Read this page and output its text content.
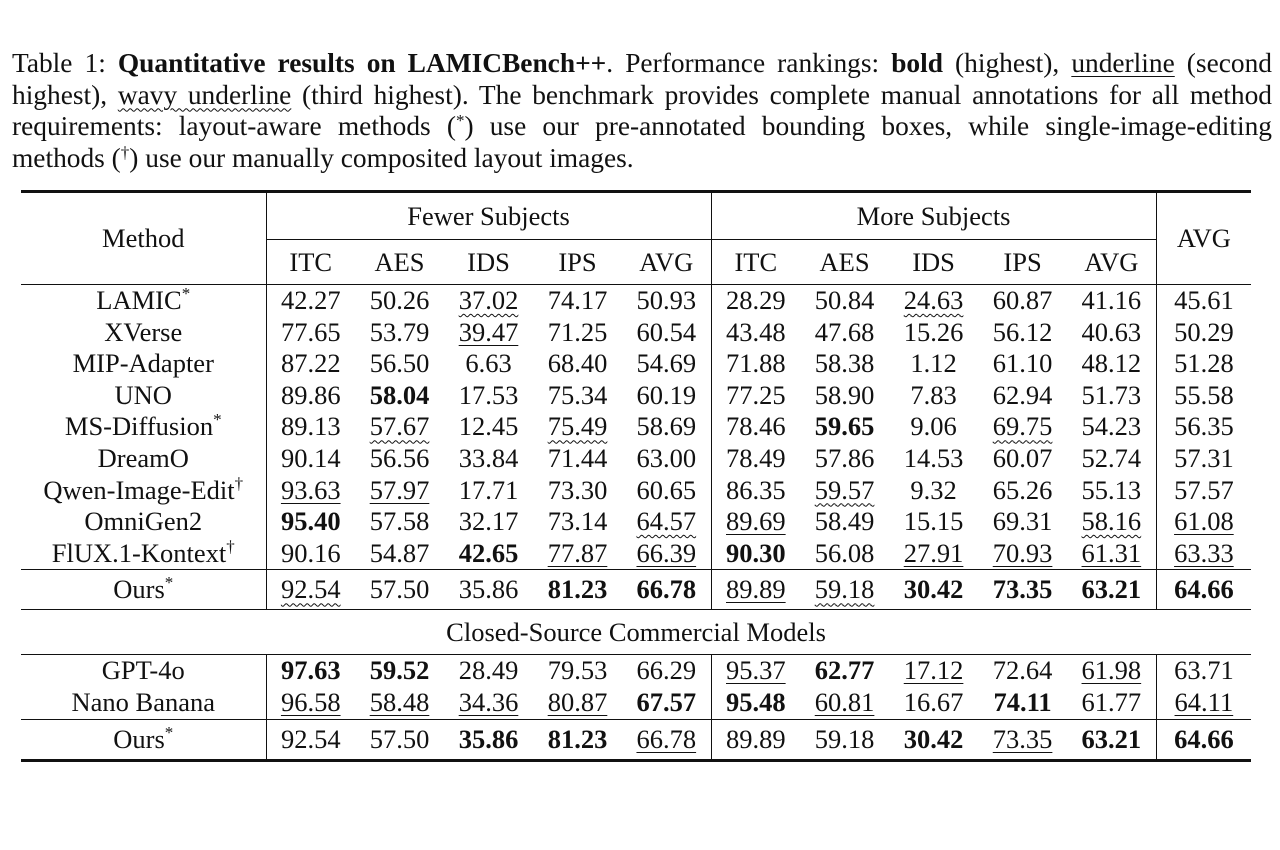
Table 1: Quantitative results on LAMICBench++. Performance rankings: bold (highest), underline (second highest), wavy underline (third highest). The benchmark provides complete manual annotations for all method requirements: layout-aware methods (*) use our pre-annotated bounding boxes, while single-image-editing methods (†) use our manually composited layout images.
Method	Fewer Subjects					More Subjects					AVG
	ITC	AES	IDS	IPS	AVG	ITC	AES	IDS	IPS	AVG	
LAMIC*	42.27	50.26	37.02	74.17	50.93	28.29	50.84	24.63	60.87	41.16	45.61
XVerse	77.65	53.79	39.47	71.25	60.54	43.48	47.68	15.26	56.12	40.63	50.29
MIP-Adapter	87.22	56.50	6.63	68.40	54.69	71.88	58.38	1.12	61.10	48.12	51.28
UNO	89.86	58.04	17.53	75.34	60.19	77.25	58.90	7.83	62.94	51.73	55.58
MS-Diffusion*	89.13	57.67	12.45	75.49	58.69	78.46	59.65	9.06	69.75	54.23	56.35
DreamO	90.14	56.56	33.84	71.44	63.00	78.49	57.86	14.53	60.07	52.74	57.31
Qwen-Image-Edit†	93.63	57.97	17.71	73.30	60.65	86.35	59.57	9.32	65.26	55.13	57.57
OmniGen2	95.40	57.58	32.17	73.14	64.57	89.69	58.49	15.15	69.31	58.16	61.08
FlUX.1-Kontext†	90.16	54.87	42.65	77.87	66.39	90.30	56.08	27.91	70.93	61.31	63.33
Ours*	92.54	57.50	35.86	81.23	66.78	89.89	59.18	30.42	73.35	63.21	64.66
Closed-Source Commercial Models											
GPT-4o	97.63	59.52	28.49	79.53	66.29	95.37	62.77	17.12	72.64	61.98	63.71
Nano Banana	96.58	58.48	34.36	80.87	67.57	95.48	60.81	16.67	74.11	61.77	64.11
Ours*	92.54	57.50	35.86	81.23	66.78	89.89	59.18	30.42	73.35	63.21	64.66
